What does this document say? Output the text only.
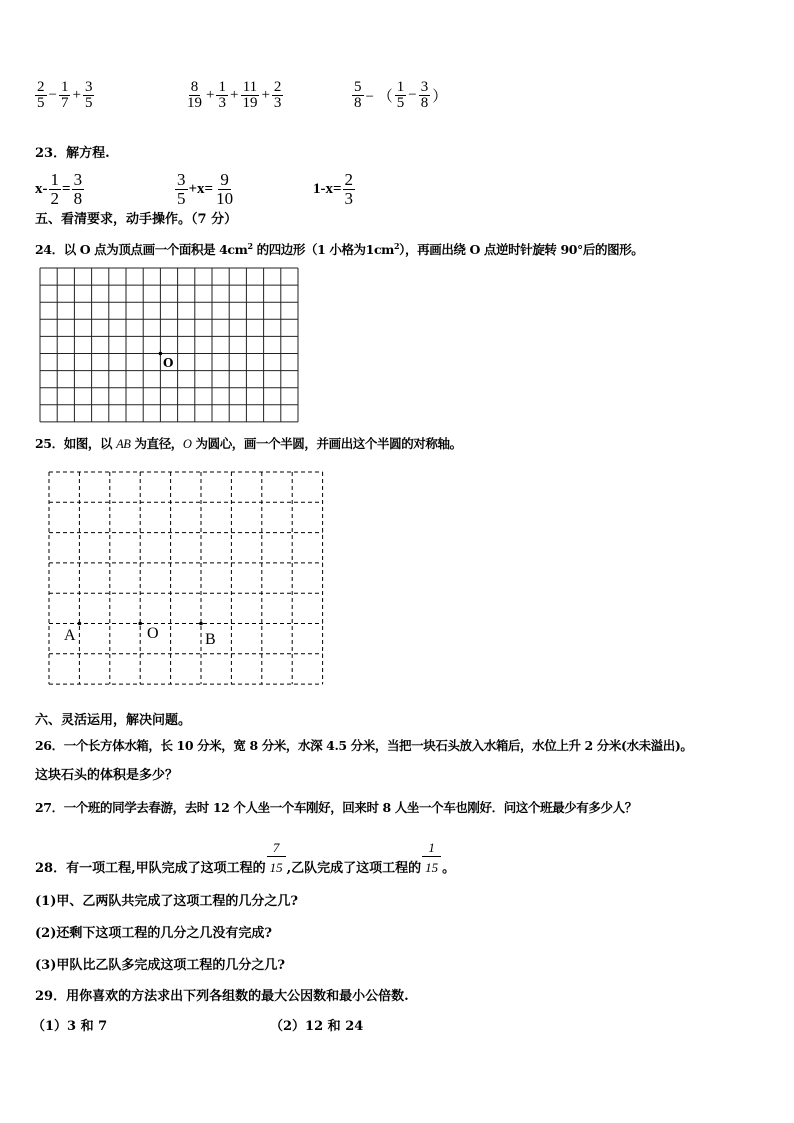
$\frac{2}{5} - \frac{1}{7} + \frac{3}{5}$	$\frac{8}{19} + \frac{1}{3} + \frac{11}{19} + \frac{2}{3}$	$\frac{5}{8}$ − （ $\frac{1}{5} - \frac{3}{8}$ ）
23．解方程.
$x- \frac{1}{2} = \frac{3}{8}$	$\frac{3}{5} +x= \frac{9}{10}$	$1-x= \frac{2}{3}$
五、看清要求，动手操作。（7 分）
24．以 O 点为顶点画一个面积是 $4cm^2$ 的四边形（1 小格为$1cm^2$），再画出绕 O 点逆时针旋转 90°后的图形。
O
25．如图，以 AB 为直径，O 为圆心，画一个半圆，并画出这个半圆的对称轴。
A	O	B
六、灵活运用，解决问题。
26．一个长方体水箱，长 10 分米，宽 8 分米，水深 4.5 分米，当把一块石头放入水箱后，水位上升 2 分米(水未溢出)。
这块石头的体积是多少？
27．一个班的同学去春游，去时 12 个人坐一个车刚好，回来时 8 人坐一个车也刚好．问这个班最少有多少人？
28．有一项工程,甲队完成了这项工程的 $\frac{7}{15}$ ,乙队完成了这项工程的 $\frac{1}{15}$ 。
(1)甲、乙两队共完成了这项工程的几分之几?
(2)还剩下这项工程的几分之几没有完成?
(3)甲队比乙队多完成这项工程的几分之几?
29．用你喜欢的方法求出下列各组数的最大公因数和最小公倍数.
（1）3 和 7	（2）12 和 24
